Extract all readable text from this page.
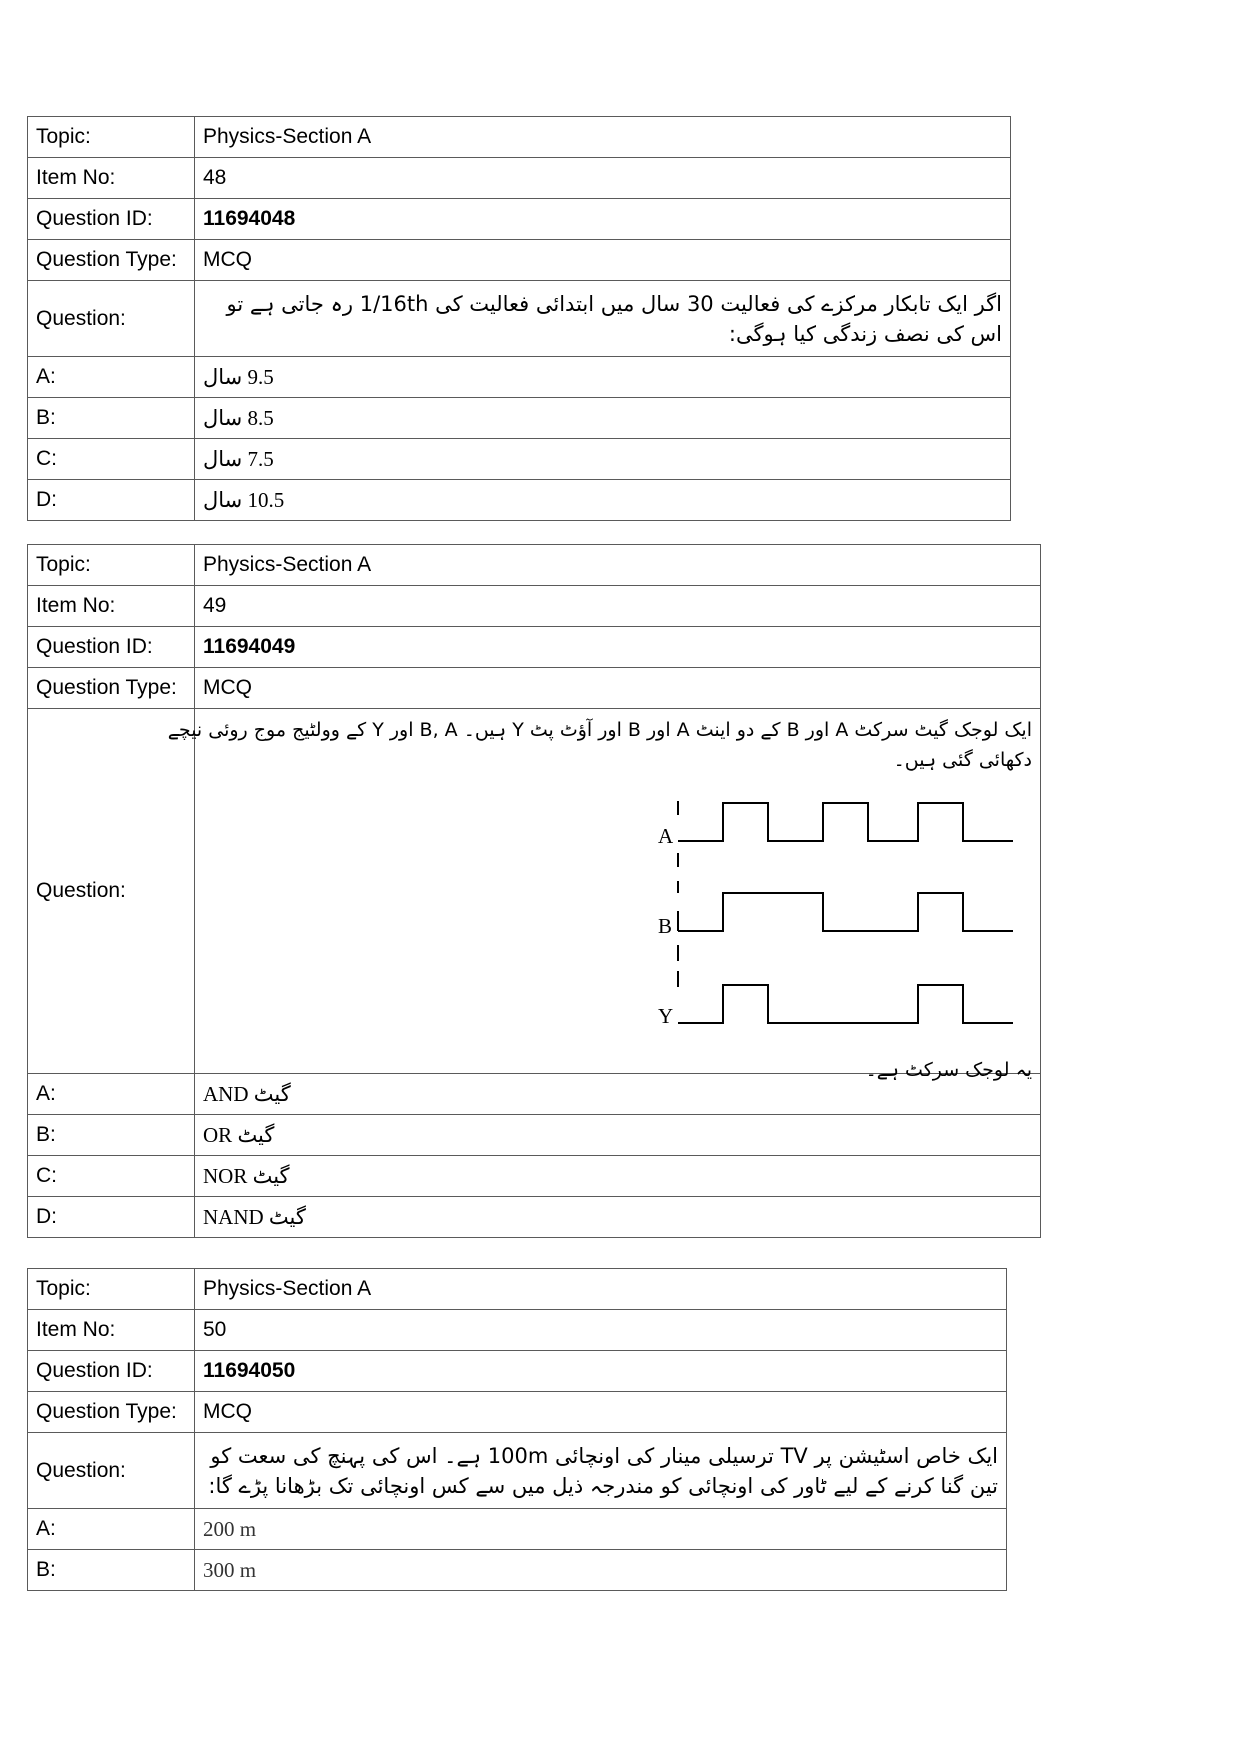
Topic:	Physics-Section A
Item No:	48
Question ID:	11694048
Question Type:	MCQ
Question:	اگر ایک تابکار مرکزے کی فعالیت 30 سال میں ابتدائی فعالیت کی 1/16th رہ جاتی ہے تو اس کی نصف زندگی کیا ہوگی:
A:	9.5 سال
B:	8.5 سال
C:	7.5 سال
D:	10.5 سال
Topic:	Physics-Section A
Item No:	49
Question ID:	11694049
Question Type:	MCQ
Question:	ایک لوجک گیٹ سرکٹ A اور B کے دو اینٹ A اور B اور آؤٹ پٹ Y ہیں۔ B, A اور Y کے وولٹیج موج روئی نیچے دکھائی گئی ہیں۔
A
B
Y
یہ لوجک سرکٹ ہے۔

A:	AND گیٹ
B:	OR گیٹ
C:	NOR گیٹ
D:	NAND گیٹ
Topic:	Physics-Section A
Item No:	50
Question ID:	11694050
Question Type:	MCQ
Question:	ایک خاص اسٹیشن پر TV ترسیلی مینار کی اونچائی 100m ہے۔ اس کی پہنچ کی سعت کو تین گنا کرنے کے لیے ٹاور کی اونچائی کو مندرجہ ذیل میں سے کس اونچائی تک بڑھانا پڑے گا:
A:	200 m
B:	300 m
